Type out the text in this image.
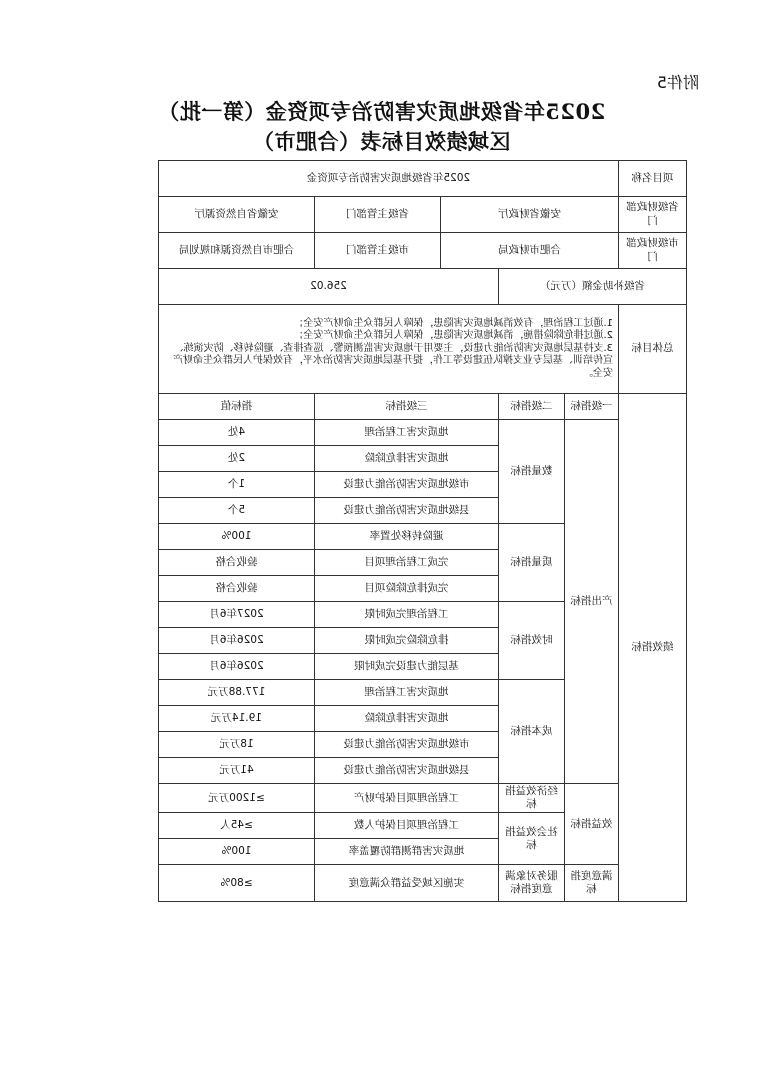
附件5
2025年省级地质灾害防治专项资金（第一批）
区域绩效目标表（合肥市）
项目名称	2025年省级地质灾害防治专项资金				
省级财政部门	安徽省财政厅			省级主管部门	安徽省自然资源厅
市级财政部门	合肥市财政局			市级主管部门	合肥市自然资源和规划局
省级补助金额（万元）			256.02		
总体目标	1.通过工程治理，有效消减地质灾害隐患，保障人民群众生命财产安全；
2.通过排危除险措施，消减地质灾害隐患，保障人民群众生命财产安全；
3.支持基层地质灾害防治能力建设，主要用于地质灾害监测预警、巡查排查、避险转移、防灾演练、宣传培训、基层专业支撑队伍建设等工作，提升基层地质灾害防治水平，有效保护人民群众生命财产安全。				

绩效指标	一级指标	二级指标	三级指标		指标值
	产出指标	数量指标	地质灾害工程治理		4处
			地质灾害排危除险		2处
			市级地质灾害防治能力建设		1个
			县级地质灾害防治能力建设		5个
		质量指标	避险转移处置率		100%
			完成工程治理项目		验收合格
			完成排危除险项目		验收合格
		时效指标	工程治理完成时限		2027年6月
			排危除险完成时限		2026年6月
			基层能力建设完成时限		2026年6月
		成本指标	地质灾害工程治理		177.88万元
			地质灾害排危除险		19.14万元
			市级地质灾害防治能力建设		18万元
			县级地质灾害防治能力建设		41万元
	效益指标	经济效益指标	工程治理项目保护财产		≥1200万元
		社会效益指标	工程治理项目保护人数		≥45人
			地质灾害群测群防覆盖率		100%
	满意度指标	服务对象满意度指标	实施区域受益群众满意度		≥80%
